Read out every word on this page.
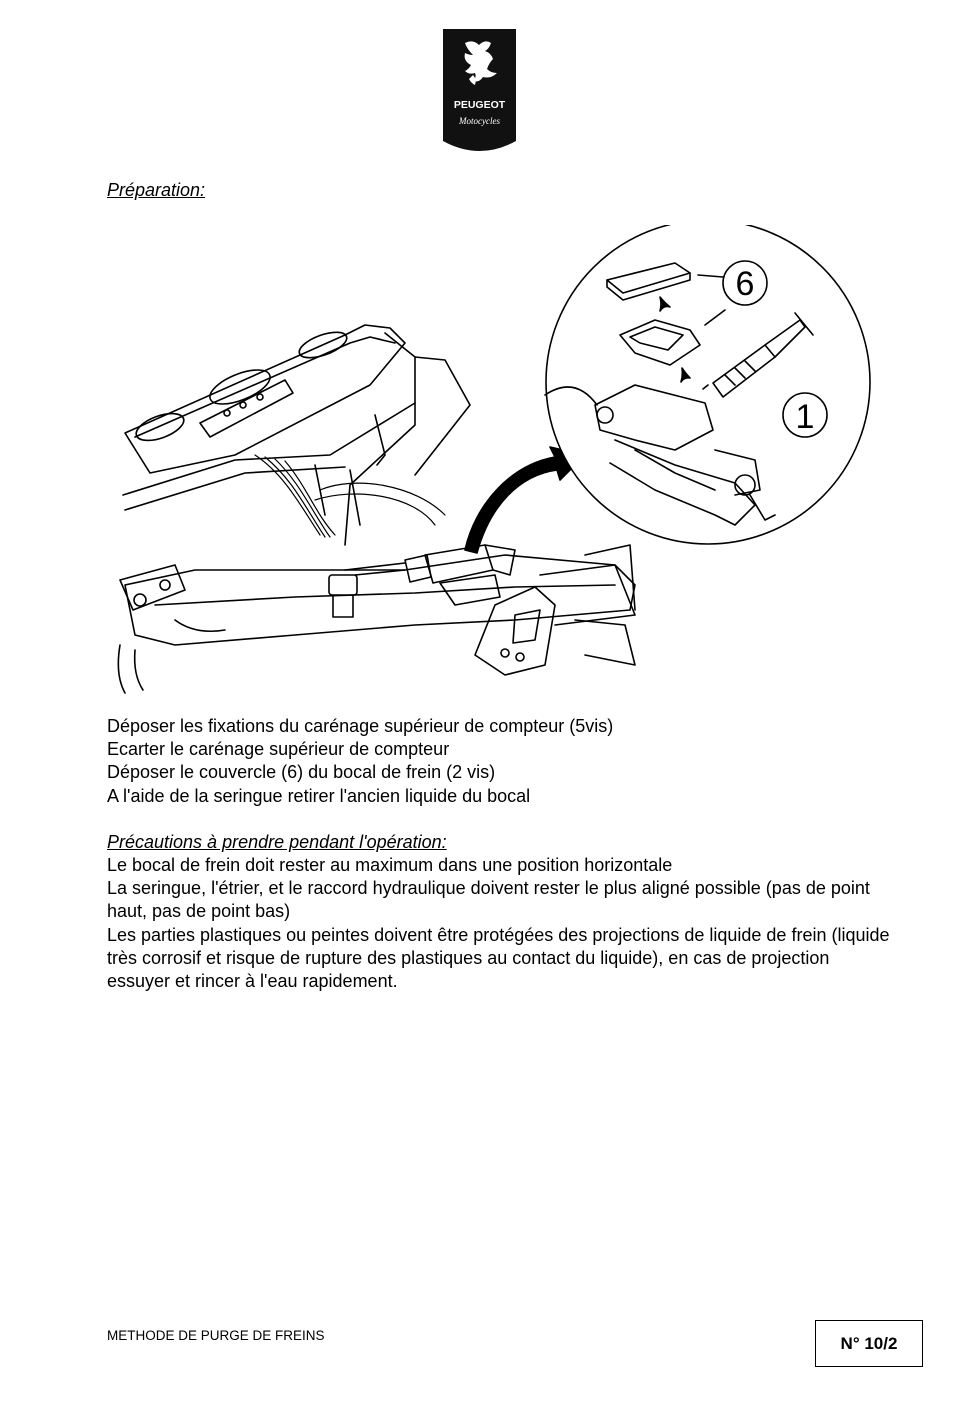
PEUGEOT
Motocycles

Préparation:

6
1
Déposer les fixations du carénage supérieur de compteur (5vis)
Ecarter le carénage supérieur de compteur
Déposer le couvercle (6) du bocal de frein (2 vis)
A l'aide de la seringue retirer l'ancien liquide du bocal

Précautions à prendre pendant l'opération:

Le bocal de frein doit rester au maximum dans une position horizontale
La seringue, l'étrier, et le raccord hydraulique doivent rester le plus aligné possible (pas de point haut, pas de point bas)
Les parties plastiques ou peintes doivent être protégées des projections de liquide de frein (liquide très corrosif et risque de rupture des plastiques au contact du liquide), en cas de projection essuyer et rincer à l'eau rapidement.
METHODE DE PURGE DE FREINS	N° 10/2
